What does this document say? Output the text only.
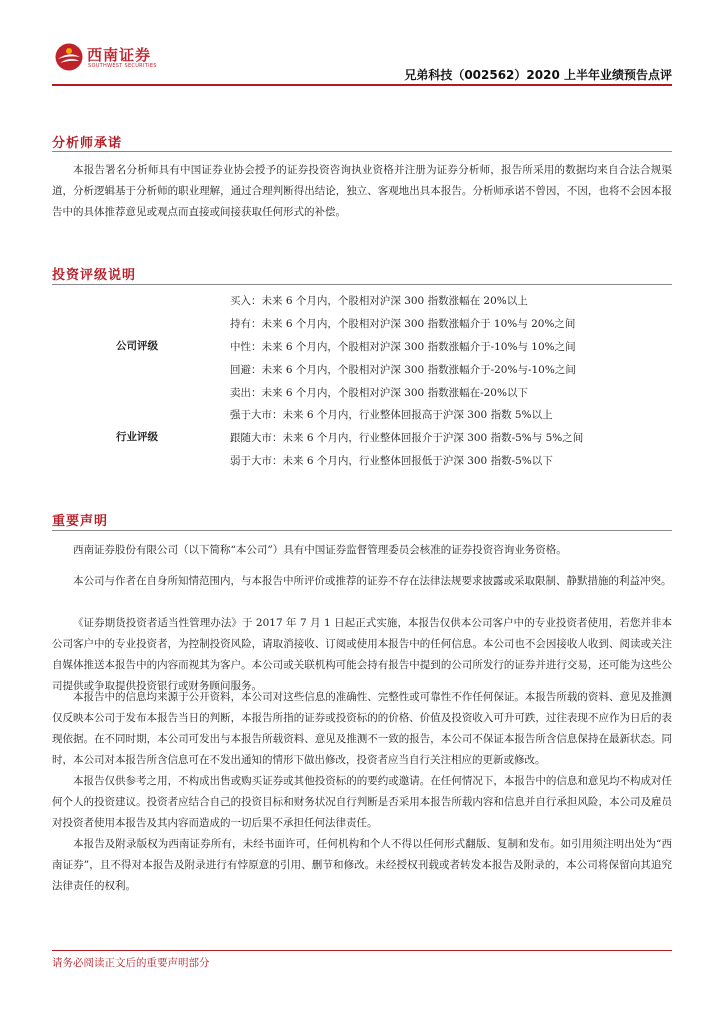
西南证券
SOUTHWEST SECURITIES
兄弟科技（002562）2020 上半年业绩预告点评
分析师承诺

本报告署名分析师具有中国证券业协会授予的证券投资咨询执业资格并注册为证券分析师，报告所采用的数据均来自合法合规渠道，分析逻辑基于分析师的职业理解，通过合理判断得出结论，独立、客观地出具本报告。分析师承诺不曾因，不因，也将不会因本报告中的具体推荐意见或观点而直接或间接获取任何形式的补偿。

投资评级说明
公司评级
买入：未来 6 个月内，个股相对沪深 300 指数涨幅在 20%以上
持有：未来 6 个月内，个股相对沪深 300 指数涨幅介于 10%与 20%之间
中性：未来 6 个月内，个股相对沪深 300 指数涨幅介于-10%与 10%之间
回避：未来 6 个月内，个股相对沪深 300 指数涨幅介于-20%与-10%之间
卖出：未来 6 个月内，个股相对沪深 300 指数涨幅在-20%以下
行业评级
强于大市：未来 6 个月内，行业整体回报高于沪深 300 指数 5%以上
跟随大市：未来 6 个月内，行业整体回报介于沪深 300 指数-5%与 5%之间
弱于大市：未来 6 个月内，行业整体回报低于沪深 300 指数-5%以下
重要声明

西南证券股份有限公司（以下简称“本公司”）具有中国证券监督管理委员会核准的证券投资咨询业务资格。

本公司与作者在自身所知情范围内，与本报告中所评价或推荐的证券不存在法律法规要求披露或采取限制、静默措施的利益冲突。

《证券期货投资者适当性管理办法》于 2017 年 7 月 1 日起正式实施，本报告仅供本公司客户中的专业投资者使用，若您并非本公司客户中的专业投资者，为控制投资风险，请取消接收、订阅或使用本报告中的任何信息。本公司也不会因接收人收到、阅读或关注自媒体推送本报告中的内容而视其为客户。本公司或关联机构可能会持有报告中提到的公司所发行的证券并进行交易，还可能为这些公司提供或争取提供投资银行或财务顾问服务。

本报告中的信息均来源于公开资料，本公司对这些信息的准确性、完整性或可靠性不作任何保证。本报告所载的资料、意见及推测仅反映本公司于发布本报告当日的判断，本报告所指的证券或投资标的的价格、价值及投资收入可升可跌，过往表现不应作为日后的表现依据。在不同时期，本公司可发出与本报告所载资料、意见及推测不一致的报告，本公司不保证本报告所含信息保持在最新状态。同时，本公司对本报告所含信息可在不发出通知的情形下做出修改，投资者应当自行关注相应的更新或修改。

本报告仅供参考之用，不构成出售或购买证券或其他投资标的的要约或邀请。在任何情况下，本报告中的信息和意见均不构成对任何个人的投资建议。投资者应结合自己的投资目标和财务状况自行判断是否采用本报告所载内容和信息并自行承担风险，本公司及雇员对投资者使用本报告及其内容而造成的一切后果不承担任何法律责任。

本报告及附录版权为西南证券所有，未经书面许可，任何机构和个人不得以任何形式翻版、复制和发布。如引用须注明出处为“西南证券”，且不得对本报告及附录进行有悖原意的引用、删节和修改。未经授权刊载或者转发本报告及附录的，本公司将保留向其追究法律责任的权利。

请务必阅读正文后的重要声明部分
